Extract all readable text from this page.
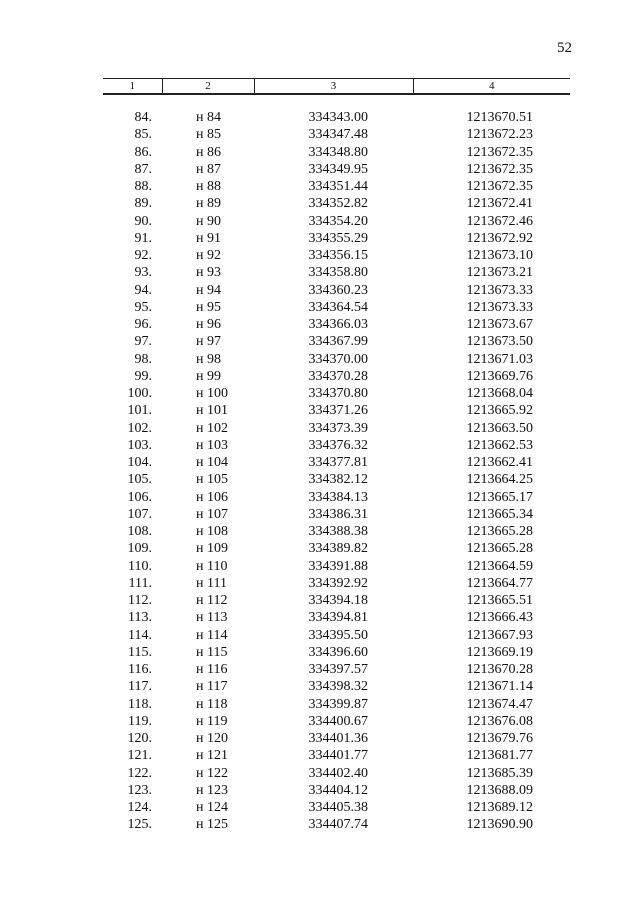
52
1	2	3	4
84.	н 84	334343.00	1213670.51
85.	н 85	334347.48	1213672.23
86.	н 86	334348.80	1213672.35
87.	н 87	334349.95	1213672.35
88.	н 88	334351.44	1213672.35
89.	н 89	334352.82	1213672.41
90.	н 90	334354.20	1213672.46
91.	н 91	334355.29	1213672.92
92.	н 92	334356.15	1213673.10
93.	н 93	334358.80	1213673.21
94.	н 94	334360.23	1213673.33
95.	н 95	334364.54	1213673.33
96.	н 96	334366.03	1213673.67
97.	н 97	334367.99	1213673.50
98.	н 98	334370.00	1213671.03
99.	н 99	334370.28	1213669.76
100.	н 100	334370.80	1213668.04
101.	н 101	334371.26	1213665.92
102.	н 102	334373.39	1213663.50
103.	н 103	334376.32	1213662.53
104.	н 104	334377.81	1213662.41
105.	н 105	334382.12	1213664.25
106.	н 106	334384.13	1213665.17
107.	н 107	334386.31	1213665.34
108.	н 108	334388.38	1213665.28
109.	н 109	334389.82	1213665.28
110.	н 110	334391.88	1213664.59
111.	н 111	334392.92	1213664.77
112.	н 112	334394.18	1213665.51
113.	н 113	334394.81	1213666.43
114.	н 114	334395.50	1213667.93
115.	н 115	334396.60	1213669.19
116.	н 116	334397.57	1213670.28
117.	н 117	334398.32	1213671.14
118.	н 118	334399.87	1213674.47
119.	н 119	334400.67	1213676.08
120.	н 120	334401.36	1213679.76
121.	н 121	334401.77	1213681.77
122.	н 122	334402.40	1213685.39
123.	н 123	334404.12	1213688.09
124.	н 124	334405.38	1213689.12
125.	н 125	334407.74	1213690.90
